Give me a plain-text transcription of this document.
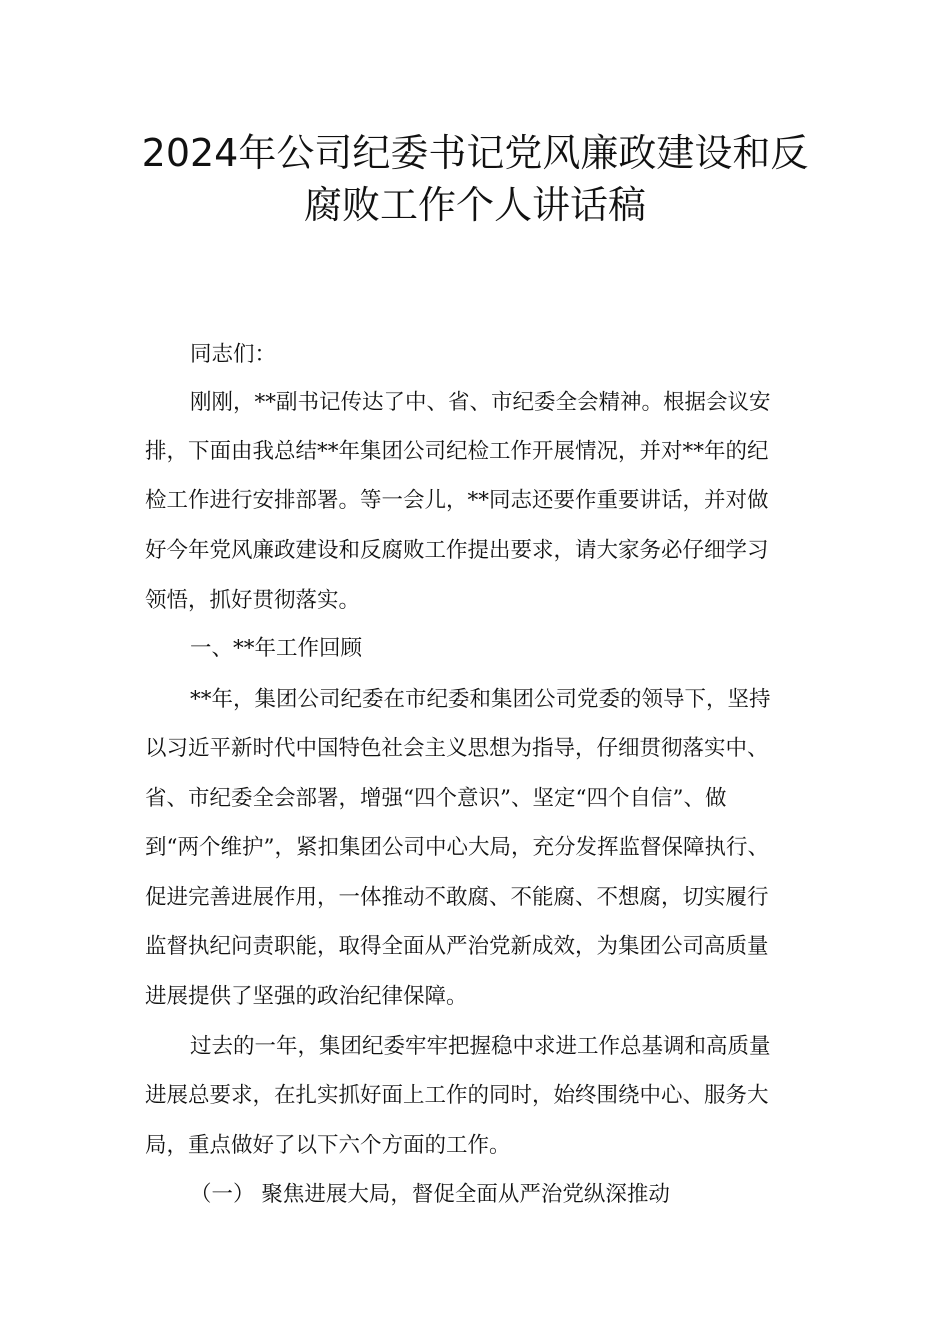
2024年公司纪委书记党风廉政建设和反
腐败工作个人讲话稿

同志们：

刚刚，**副书记传达了中、省、市纪委全会精神。根据会议安

排，下面由我总结**年集团公司纪检工作开展情况，并对**年的纪

检工作进行安排部署。等一会儿，**同志还要作重要讲话，并对做

好今年党风廉政建设和反腐败工作提出要求，请大家务必仔细学习

领悟，抓好贯彻落实。

一、**年工作回顾

**年，集团公司纪委在市纪委和集团公司党委的领导下，坚持

以习近平新时代中国特色社会主义思想为指导，仔细贯彻落实中、

省、市纪委全会部署，增强“四个意识”、坚定“四个自信”、做

到“两个维护”，紧扣集团公司中心大局，充分发挥监督保障执行、

促进完善进展作用，一体推动不敢腐、不能腐、不想腐，切实履行

监督执纪问责职能，取得全面从严治党新成效，为集团公司高质量

进展提供了坚强的政治纪律保障。

过去的一年，集团纪委牢牢把握稳中求进工作总基调和高质量

进展总要求，在扎实抓好面上工作的同时，始终围绕中心、服务大

局，重点做好了以下六个方面的工作。

（一） 聚焦进展大局，督促全面从严治党纵深推动
